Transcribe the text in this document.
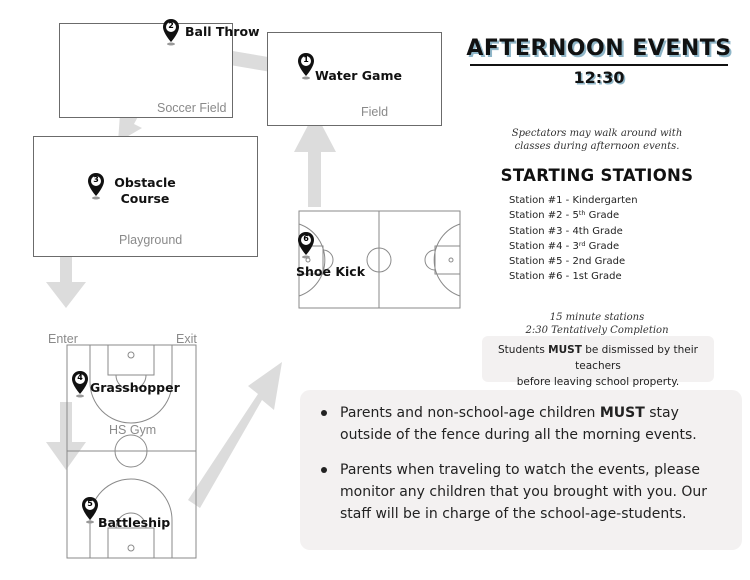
Soccer Field	Field
Playground
HS Gym
Enter	Exit
2 Ball Throw
1
Water Game
3	Obstacle
Course
6
Shoe Kick
4
Grasshopper
5
Battleship
AFTERNOON EVENTS
12:30
Spectators may walk around with
classes during afternoon events.
STARTING STATIONS
Station #1 - Kindergarten
Station #2 - 5th Grade
Station #3 - 4th Grade
Station #4 - 3rd Grade
Station #5 - 2nd Grade
Station #6 - 1st Grade
15 minute stations
2:30 Tentatively Completion
Students MUST be dismissed by their teachers
before leaving school property.
Parents and non-school-age children MUST stay outside of the fence during all the morning events.
Parents when traveling to watch the events, please monitor any children that you brought with you. Our staff will be in charge of the school-age-students.
